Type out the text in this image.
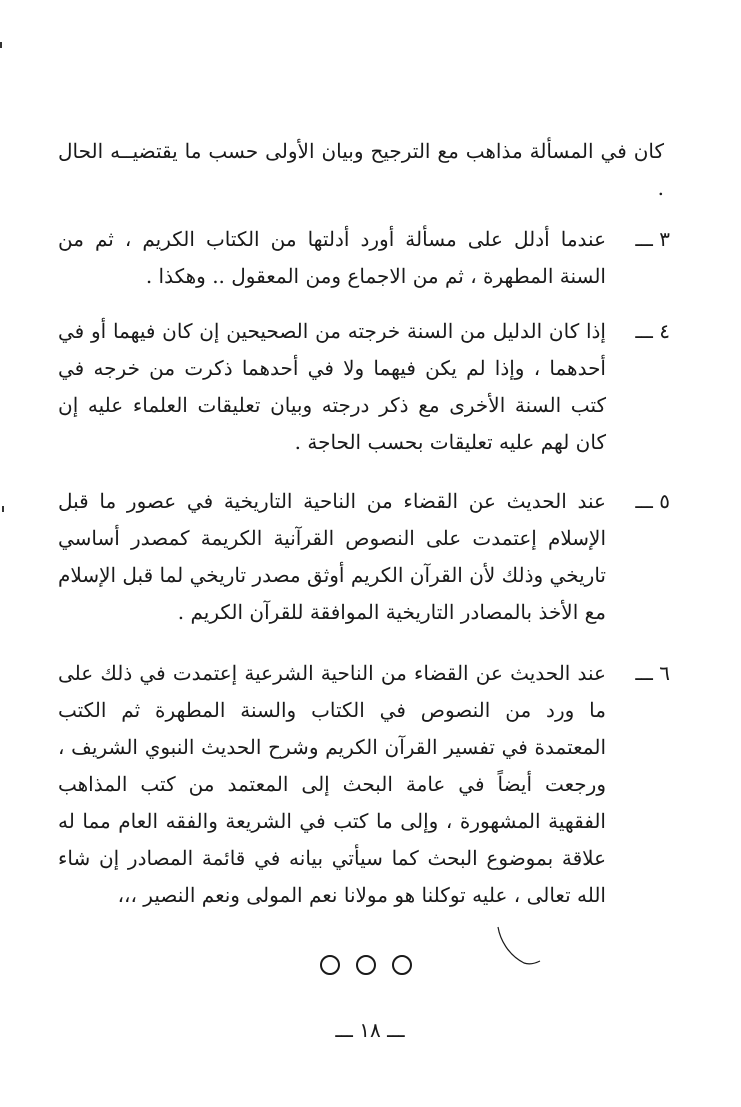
كان في المسألة مذاهب مع الترجيح وبيان الأولى حسب ما يقتضيــه الحال .
٣ ـــ
عندما أدلل على مسألة أورد أدلتها من الكتاب الكريم ، ثم من السنة المطهرة ، ثم من الاجماع ومن المعقول .. وهكذا .
٤ ـــ
إذا كان الدليل من السنة خرجته من الصحيحين إن كان فيهما أو في أحدهما ، وإذا لم يكن فيهما ولا في أحدهما ذكرت من خرجه في كتب السنة الأخرى مع ذكر درجته وبيان تعليقات العلماء عليه إن كان لهم عليه تعليقات بحسب الحاجة .
٥ ـــ
عند الحديث عن القضاء من الناحية التاريخية في عصور ما قبل الإسلام إعتمدت على النصوص القرآنية الكريمة كمصدر أساسي تاريخي وذلك لأن القرآن الكريم أوثق مصدر تاريخي لما قبل الإسلام مع الأخذ بالمصادر التاريخية الموافقة للقرآن الكريم .
٦ ـــ
عند الحديث عن القضاء من الناحية الشرعية إعتمدت في ذلك على ما ورد من النصوص في الكتاب والسنة المطهرة ثم الكتب المعتمدة في تفسير القرآن الكريم وشرح الحديث النبوي الشريف ، ورجعت أيضاً في عامة البحث إلى المعتمد من كتب المذاهب الفقهية المشهورة ، وإلى ما كتب في الشريعة والفقه العام مما له علاقة بموضوع البحث كما سيأتي بيانه في قائمة المصادر إن شاء الله تعالى ، عليه توكلنا هو مولانا نعم المولى ونعم النصير ،،،
ـــ ١٨ ـــ
